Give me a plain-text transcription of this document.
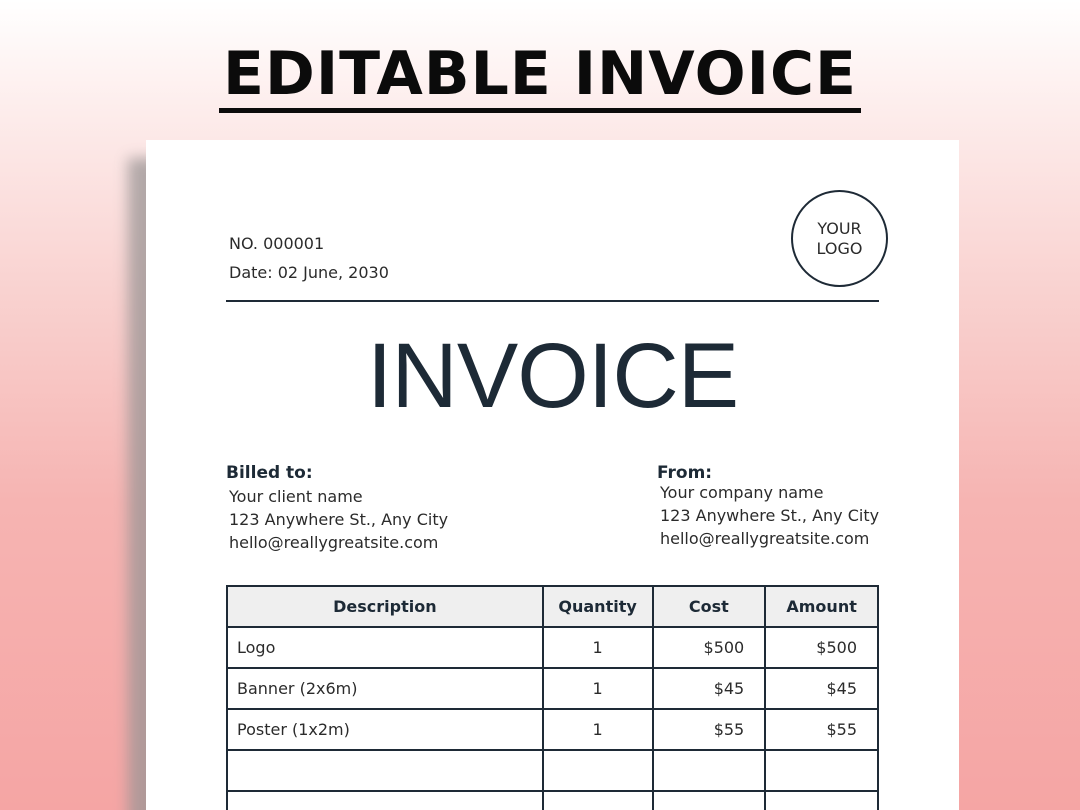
EDITABLE INVOICE
NO. 000001
Date: 02 June, 2030
YOUR
LOGO
INVOICE
Billed to:
Your client name
123 Anywhere St., Any City
hello@reallygreatsite.com
From:
Your company name
123 Anywhere St., Any City
hello@reallygreatsite.com
Description	Quantity	Cost	Amount
Logo	1	$500	$500
Banner (2x6m)	1	$45	$45
Poster (1x2m)	1	$55	$55
